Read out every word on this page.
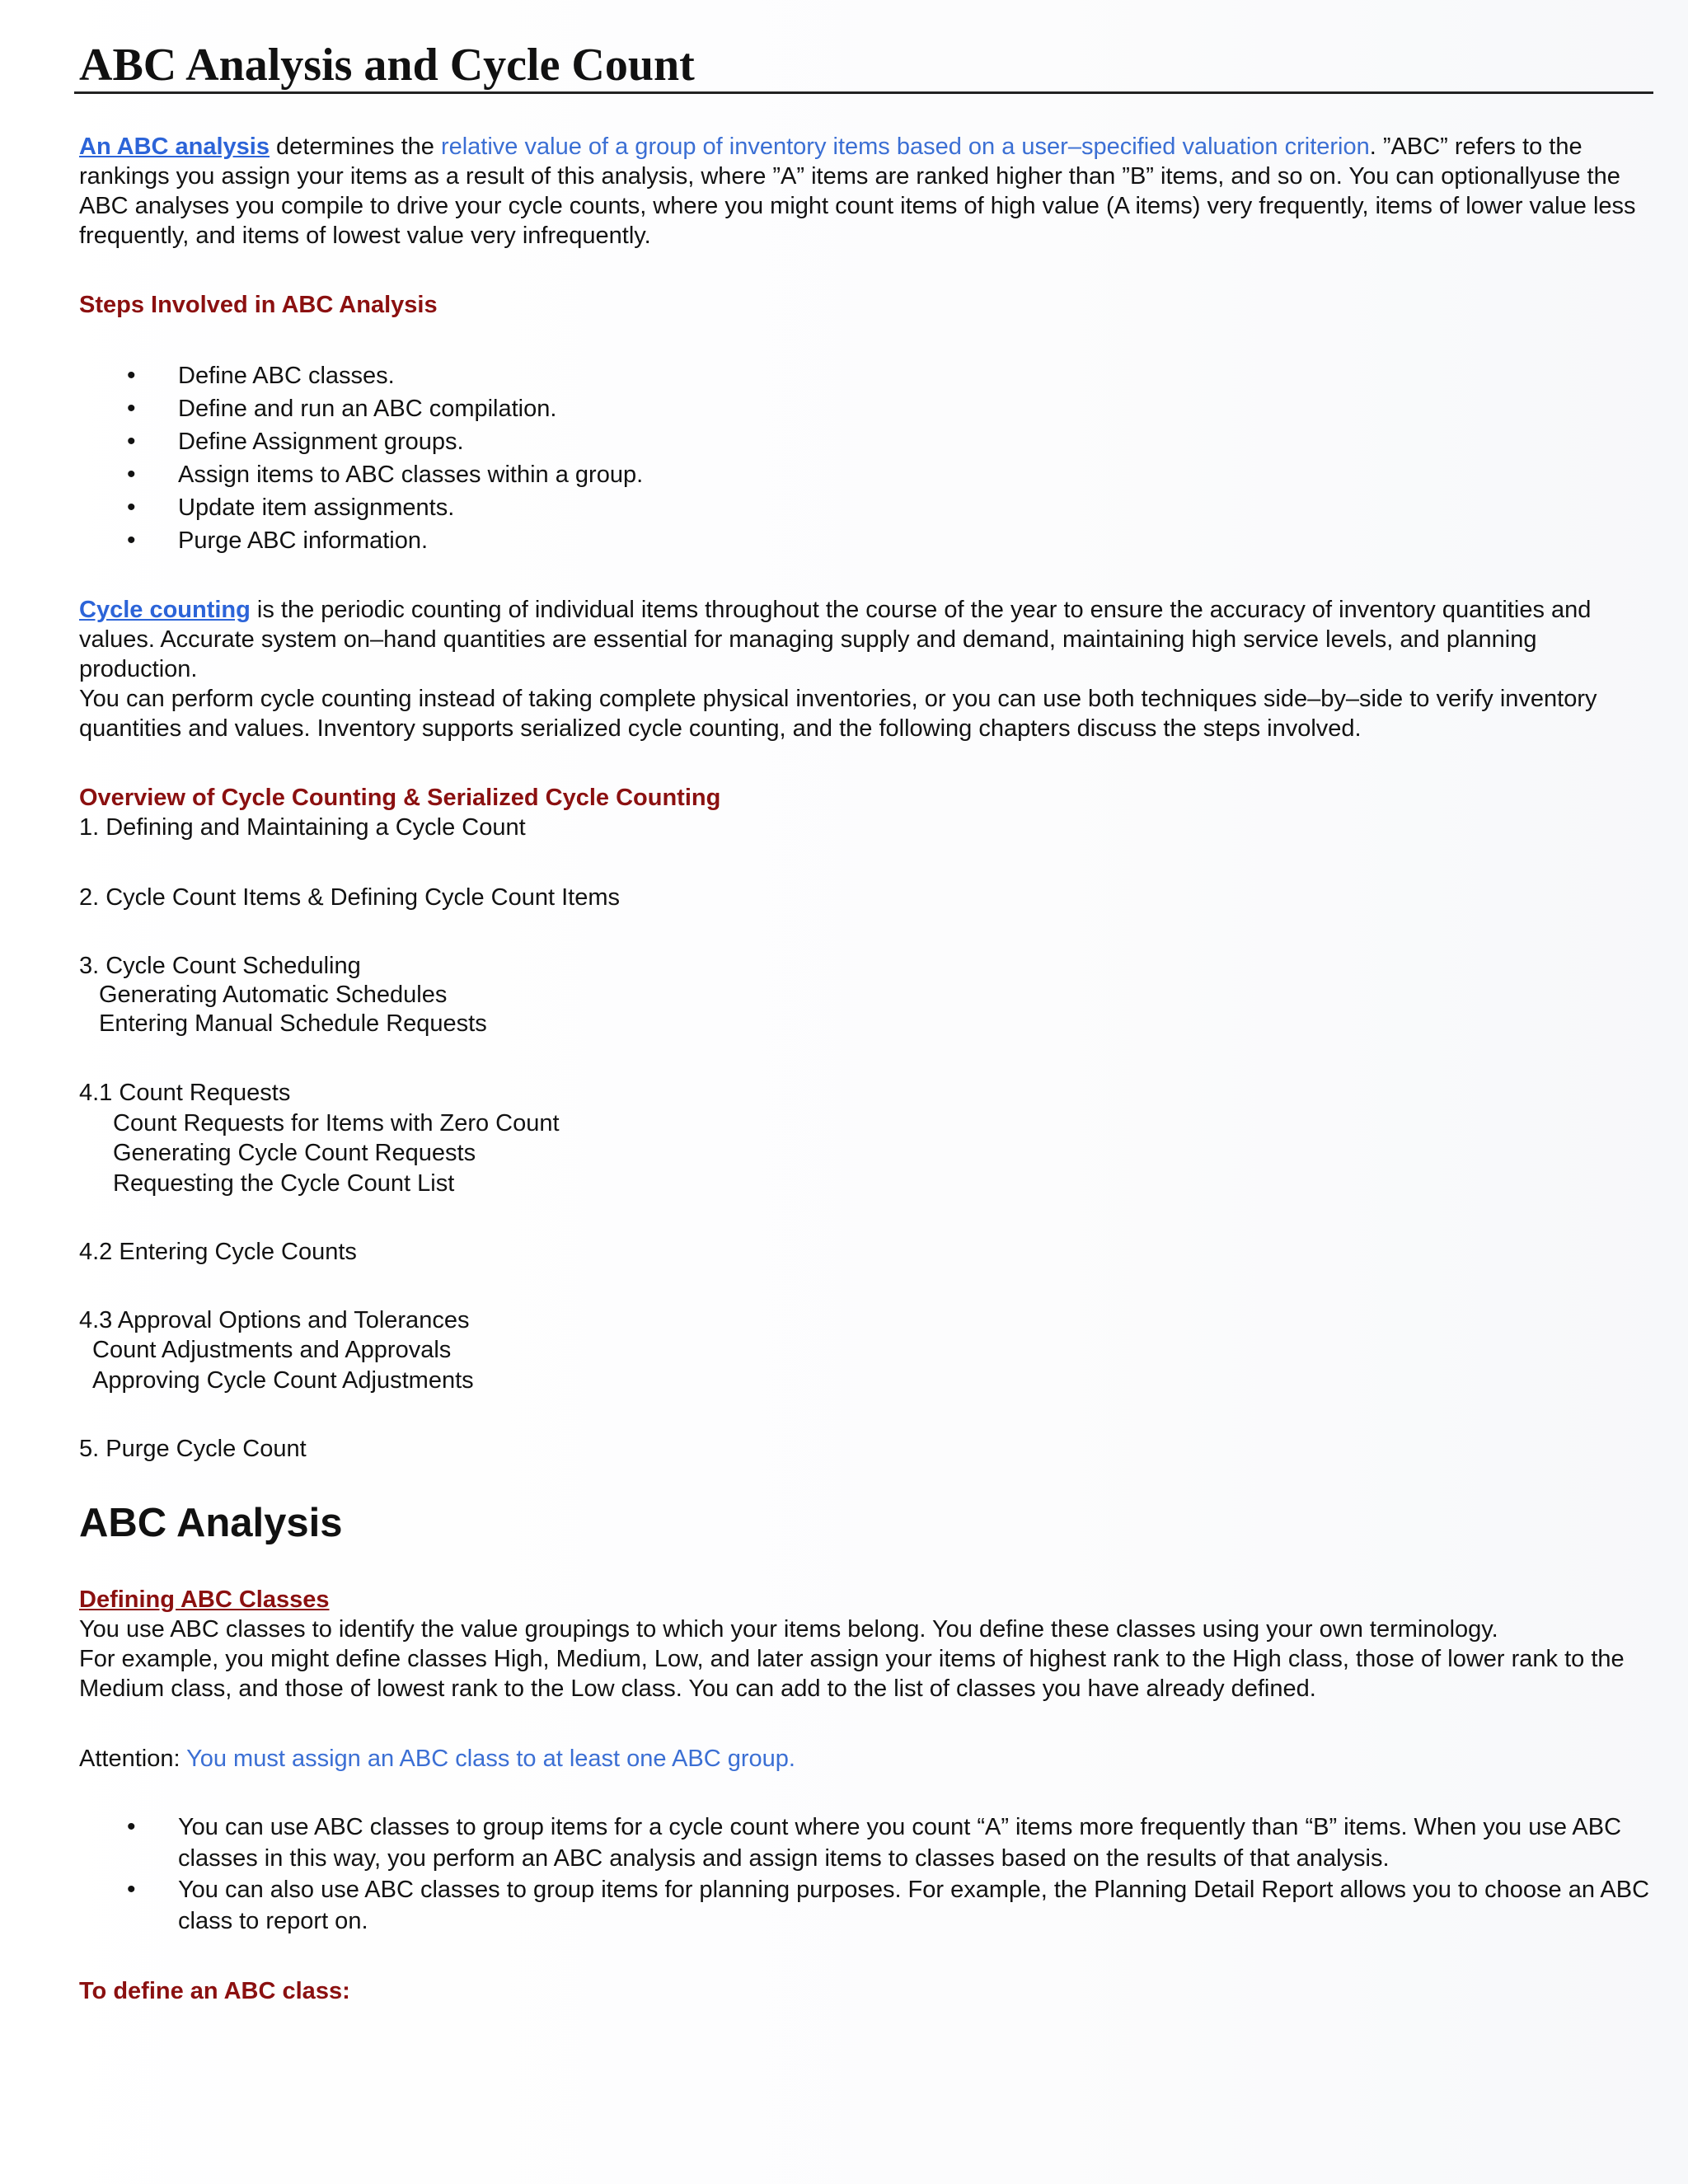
ABC Analysis and Cycle Count

An ABC analysis determines the relative value of a group of inventory items based on a user–specified valuation criterion. ”ABC” refers to the rankings you assign your items as a result of this analysis, where ”A” items are ranked higher than ”B” items, and so on. You can optionallyuse the ABC analyses you compile to drive your cycle counts, where you might count items of high value (A items) very frequently, items of lower value less frequently, and items of lowest value very infrequently.

Steps Involved in ABC Analysis

• Define ABC classes.
• Define and run an ABC compilation.
• Define Assignment groups.
• Assign items to ABC classes within a group.
• Update item assignments.
• Purge ABC information.

Cycle counting is the periodic counting of individual items throughout the course of the year to ensure the accuracy of inventory quantities and values. Accurate system on–hand quantities are essential for managing supply and demand, maintaining high service levels, and planning production.

You can perform cycle counting instead of taking complete physical inventories, or you can use both techniques side–by–side to verify inventory quantities and values. Inventory supports serialized cycle counting, and the following chapters discuss the steps involved.

Overview of Cycle Counting & Serialized Cycle Counting

1. Defining and Maintaining a Cycle Count

2. Cycle Count Items & Defining Cycle Count Items

3. Cycle Count Scheduling

Generating Automatic Schedules

Entering Manual Schedule Requests

4.1 Count Requests

Count Requests for Items with Zero Count

Generating Cycle Count Requests

Requesting the Cycle Count List

4.2 Entering Cycle Counts

4.3 Approval Options and Tolerances

Count Adjustments and Approvals

Approving Cycle Count Adjustments

5. Purge Cycle Count

ABC Analysis

Defining ABC Classes

You use ABC classes to identify the value groupings to which your items belong. You define these classes using your own terminology.

For example, you might define classes High, Medium, Low, and later assign your items of highest rank to the High class, those of lower rank to the Medium class, and those of lowest rank to the Low class. You can add to the list of classes you have already defined.

Attention: You must assign an ABC class to at least one ABC group.

• You can use ABC classes to group items for a cycle count where you count “A” items more frequently than “B” items. When you use ABC classes in this way, you perform an ABC analysis and assign items to classes based on the results of that analysis.
• You can also use ABC classes to group items for planning purposes. For example, the Planning Detail Report allows you to choose an ABC class to report on.

To define an ABC class:
